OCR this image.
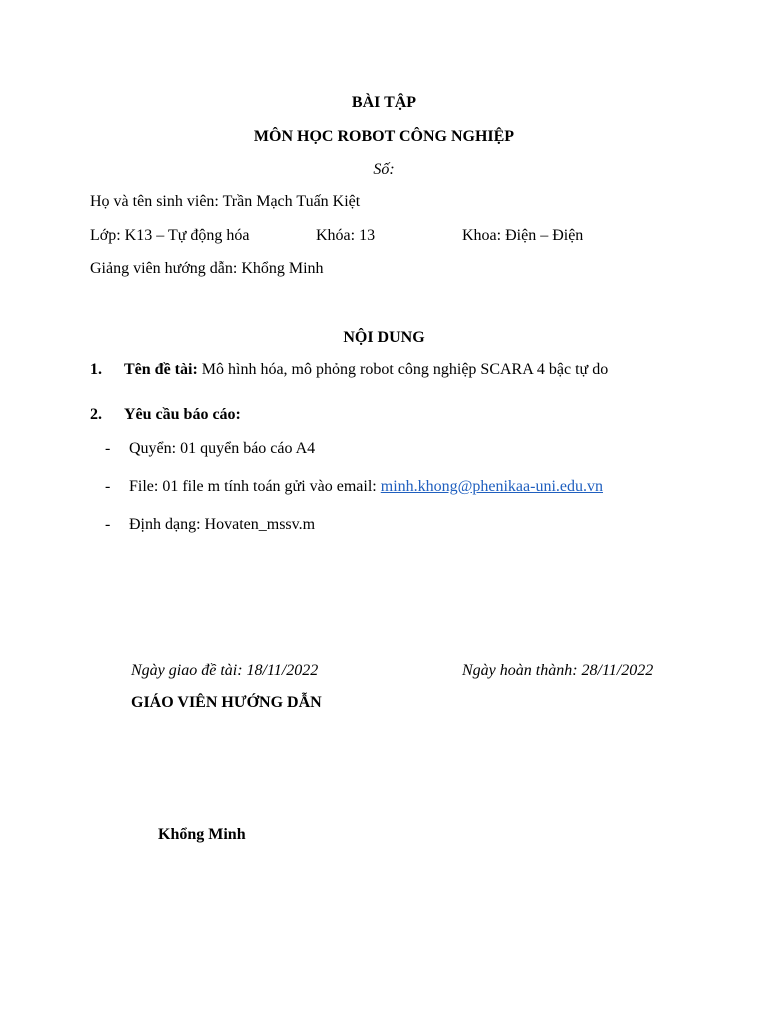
BÀI TẬP
MÔN HỌC ROBOT CÔNG NGHIỆP
Số:
Họ và tên sinh viên: Trần Mạch Tuấn Kiệt
Lớp: K13 – Tự động hóa	Khóa: 13	Khoa: Điện – Điện
Giảng viên hướng dẫn: Khổng Minh
NỘI DUNG
1. Tên đề tài: Mô hình hóa, mô phỏng robot công nghiệp SCARA 4 bậc tự do
2. Yêu cầu báo cáo:
- Quyển: 01 quyển báo cáo A4
- File: 01 file m tính toán gửi vào email: minh.khong@phenikaa-uni.edu.vn
- Định dạng: Hovaten_mssv.m
Ngày giao đề tài: 18/11/2022	Ngày hoàn thành: 28/11/2022
GIÁO VIÊN HƯỚNG DẪN
Khổng Minh
